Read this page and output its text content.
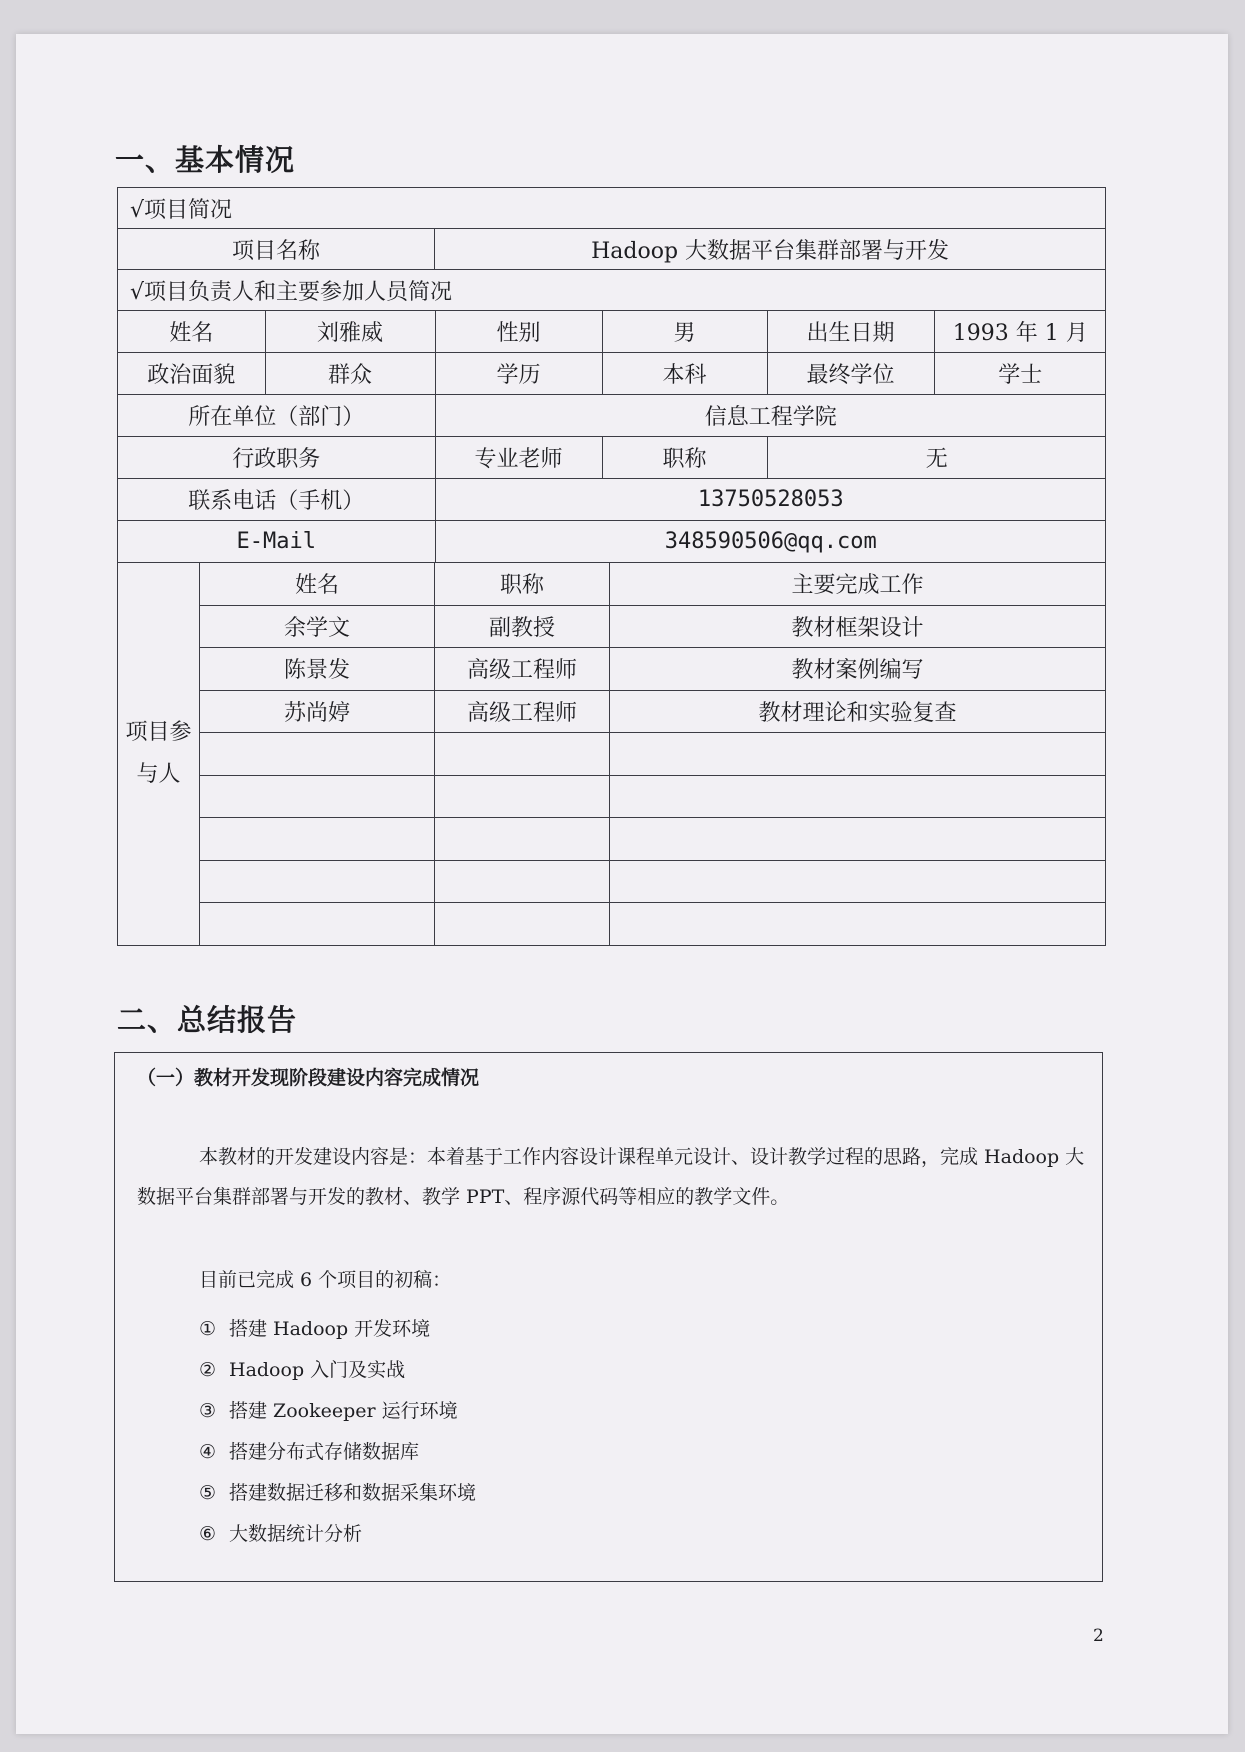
一、基本情况
√项目简况
项目名称	Hadoop 大数据平台集群部署与开发
√项目负责人和主要参加人员简况

姓名	刘雅威	性别	男	出生日期	1993 年 1 月
政治面貌	群众	学历	本科	最终学位	学士
所在单位（部门）	信息工程学院
行政职务	专业老师	职称	无
联系电话（手机）	13750528053
E-Mail	348590506@qq.com

项目参与人	姓名	职称	主要完成工作
余学文	副教授	教材框架设计
陈景发	高级工程师	教材案例编写
苏尚婷	高级工程师	教材理论和实验复查

二、总结报告

（一）教材开发现阶段建设内容完成情况

本教材的开发建设内容是：本着基于工作内容设计课程单元设计、设计教学过程的思路，完成 Hadoop 大数据平台集群部署与开发的教材、教学 PPT、程序源代码等相应的教学文件。

目前已完成 6 个项目的初稿：

① 搭建 Hadoop 开发环境
② Hadoop 入门及实战
③ 搭建 Zookeeper 运行环境
④ 搭建分布式存储数据库
⑤ 搭建数据迁移和数据采集环境
⑥ 大数据统计分析
2
